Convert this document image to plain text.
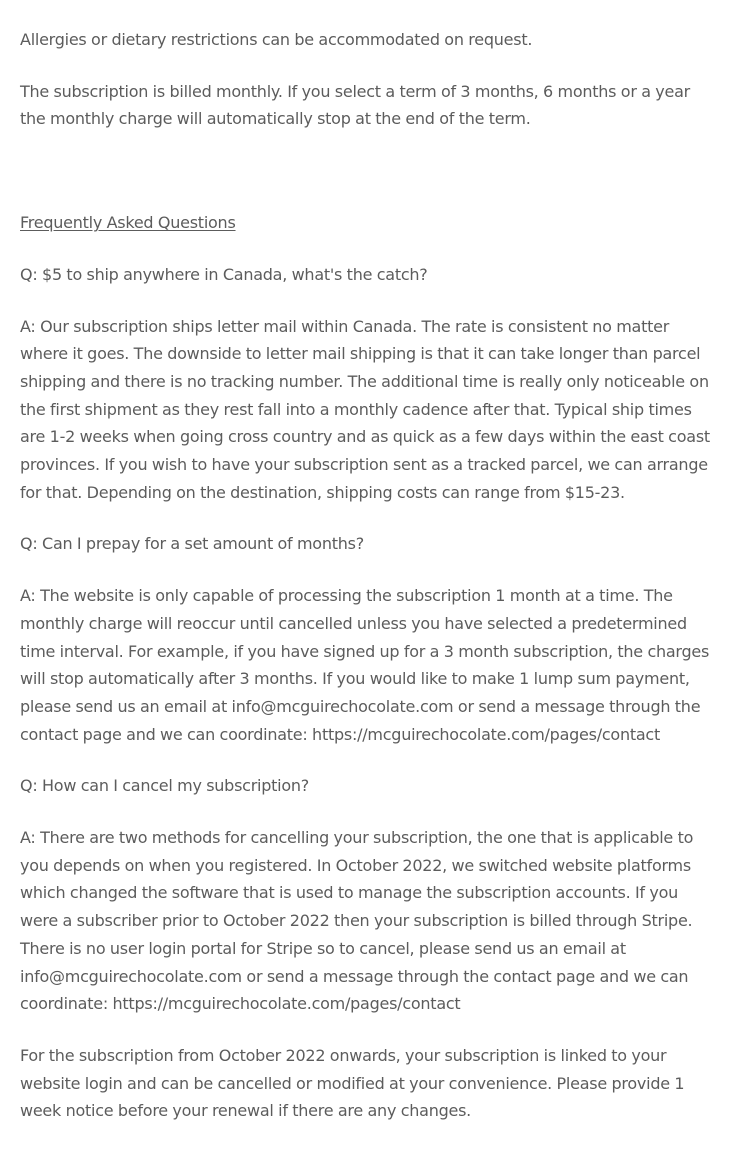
Allergies or dietary restrictions can be accommodated on request.

The subscription is billed monthly. If you select a term of 3 months, 6 months or a year the monthly charge will automatically stop at the end of the term.

Frequently Asked Questions

Q: $5 to ship anywhere in Canada, what's the catch?

A: Our subscription ships letter mail within Canada. The rate is consistent no matter where it goes. The downside to letter mail shipping is that it can take longer than parcel shipping and there is no tracking number. The additional time is really only noticeable on the first shipment as they rest fall into a monthly cadence after that. Typical ship times are 1-2 weeks when going cross country and as quick as a few days within the east coast provinces. If you wish to have your subscription sent as a tracked parcel, we can arrange for that. Depending on the destination, shipping costs can range from $15-23.

Q: Can I prepay for a set amount of months?

A: The website is only capable of processing the subscription 1 month at a time. The monthly charge will reoccur until cancelled unless you have selected a predetermined time interval. For example, if you have signed up for a 3 month subscription, the charges will stop automatically after 3 months. If you would like to make 1 lump sum payment, please send us an email at info@mcguirechocolate.com or send a message through the contact page and we can coordinate: https://mcguirechocolate.com/pages/contact

Q: How can I cancel my subscription?

A: There are two methods for cancelling your subscription, the one that is applicable to you depends on when you registered. In October 2022, we switched website platforms which changed the software that is used to manage the subscription accounts. If you were a subscriber prior to October 2022 then your subscription is billed through Stripe. There is no user login portal for Stripe so to cancel, please send us an email at info@mcguirechocolate.com or send a message through the contact page and we can coordinate: https://mcguirechocolate.com/pages/contact

For the subscription from October 2022 onwards, your subscription is linked to your website login and can be cancelled or modified at your convenience. Please provide 1 week notice before your renewal if there are any changes.
